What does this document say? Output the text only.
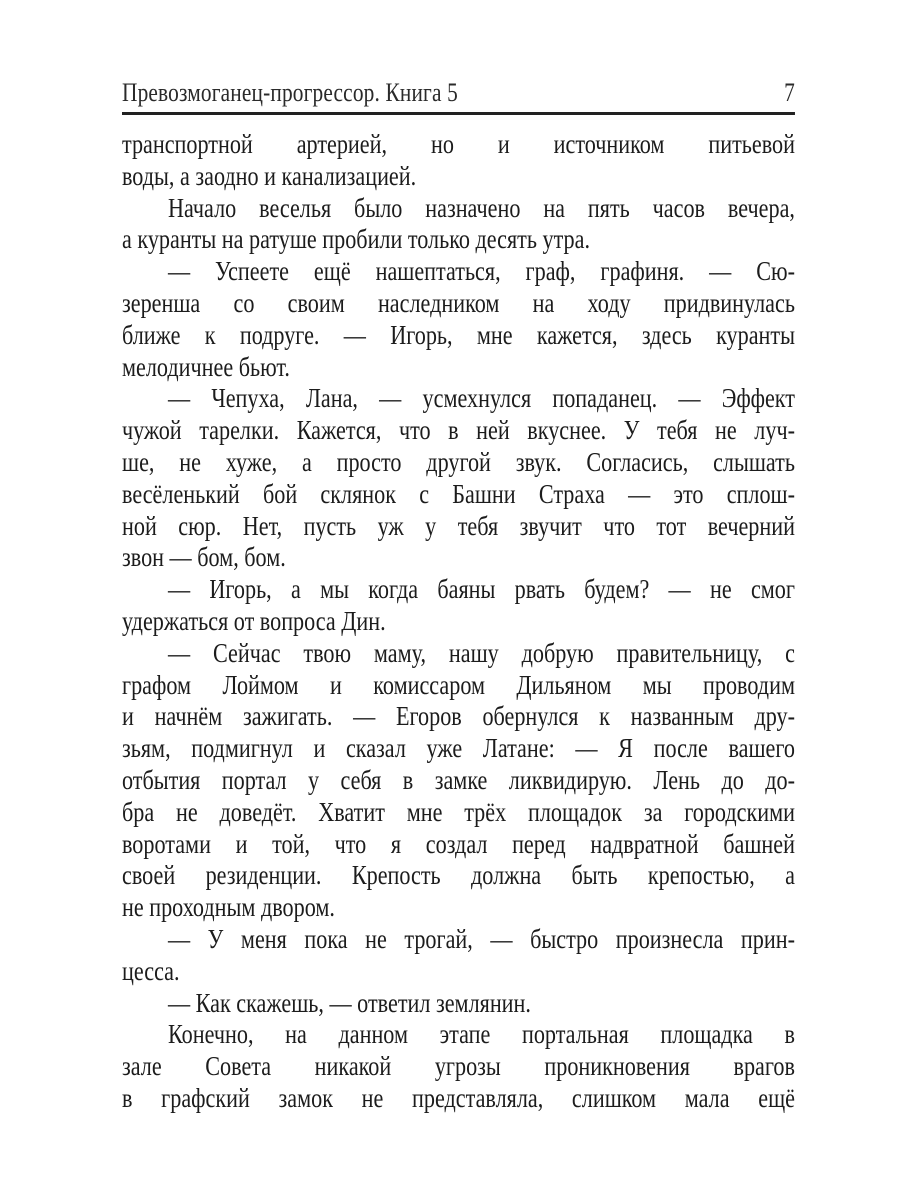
Превозмоганец-прогрессор. Книга 5	7
транспортной артерией, но и источником питьевой
воды, а заодно и канализацией.
Начало веселья было назначено на пять часов вечера,
а куранты на ратуше пробили только десять утра.
— Успеете ещё нашептаться, граф, графиня. — Сю-
зеренша со своим наследником на ходу придвинулась
ближе к подруге. — Игорь, мне кажется, здесь куранты
мелодичнее бьют.
— Чепуха, Лана, — усмехнулся попаданец. — Эффект
чужой тарелки. Кажется, что в ней вкуснее. У тебя не луч-
ше, не хуже, а просто другой звук. Согласись, слышать
весёленький бой склянок с Башни Страха — это сплош-
ной сюр. Нет, пусть уж у тебя звучит что тот вечерний
звон — бом, бом.
— Игорь, а мы когда баяны рвать будем? — не смог
удержаться от вопроса Дин.
— Сейчас твою маму, нашу добрую правительницу, с
графом Лоймом и комиссаром Дильяном мы проводим
и начнём зажигать. — Егоров обернулся к названным дру-
зьям, подмигнул и сказал уже Латане: — Я после вашего
отбытия портал у себя в замке ликвидирую. Лень до до-
бра не доведёт. Хватит мне трёх площадок за городскими
воротами и той, что я создал перед надвратной башней
своей резиденции. Крепость должна быть крепостью, а
не проходным двором.
— У меня пока не трогай, — быстро произнесла прин-
цесса.
— Как скажешь, — ответил землянин.
Конечно, на данном этапе портальная площадка в
зале Совета никакой угрозы проникновения врагов
в графский замок не представляла, слишком мала ещё
